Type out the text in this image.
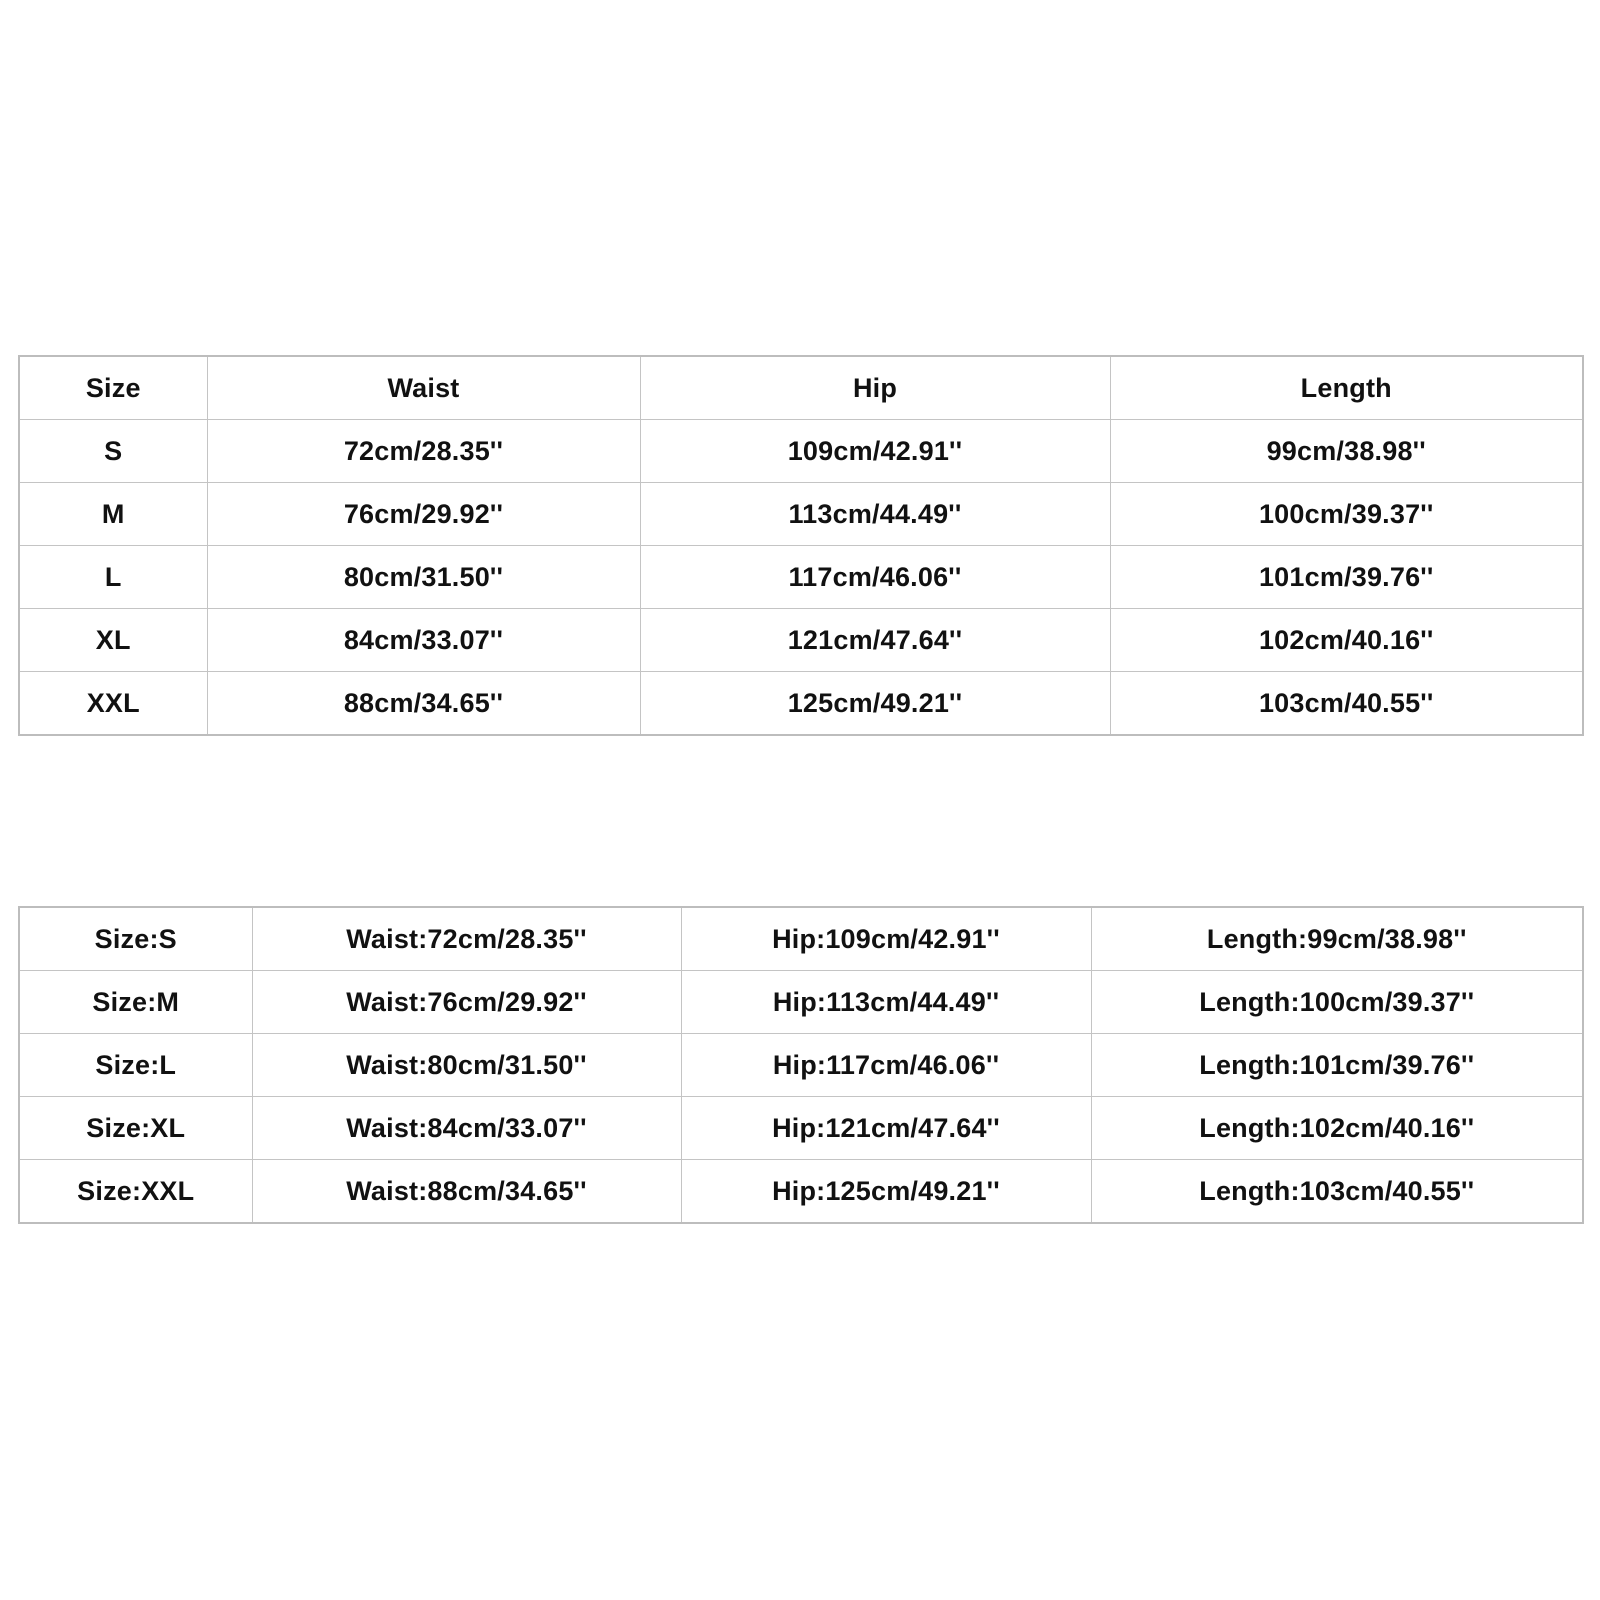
Size	Waist	Hip	Length
S	72cm/28.35''	109cm/42.91''	99cm/38.98''
M	76cm/29.92''	113cm/44.49''	100cm/39.37''
L	80cm/31.50''	117cm/46.06''	101cm/39.76''
XL	84cm/33.07''	121cm/47.64''	102cm/40.16''
XXL	88cm/34.65''	125cm/49.21''	103cm/40.55''
Size:S	Waist:72cm/28.35''	Hip:109cm/42.91''	Length:99cm/38.98''
Size:M	Waist:76cm/29.92''	Hip:113cm/44.49''	Length:100cm/39.37''
Size:L	Waist:80cm/31.50''	Hip:117cm/46.06''	Length:101cm/39.76''
Size:XL	Waist:84cm/33.07''	Hip:121cm/47.64''	Length:102cm/40.16''
Size:XXL	Waist:88cm/34.65''	Hip:125cm/49.21''	Length:103cm/40.55''
